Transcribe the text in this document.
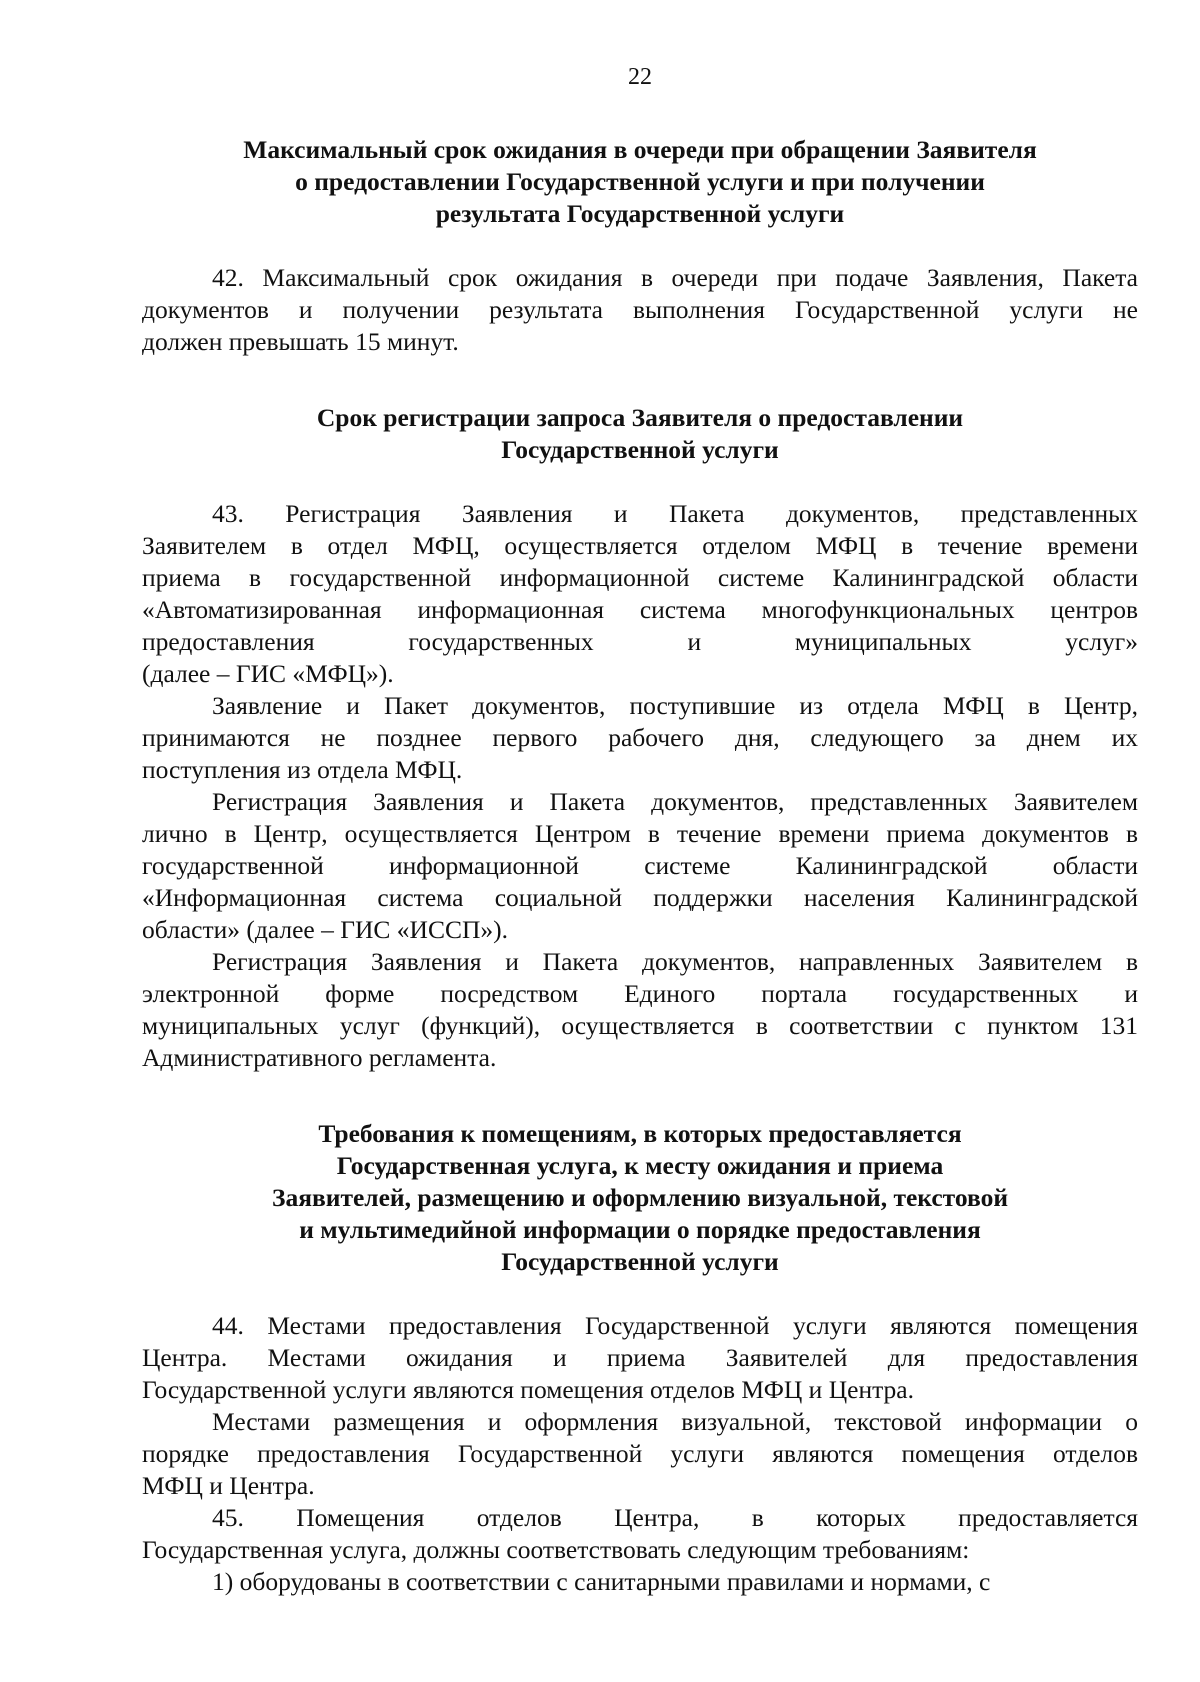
22
Максимальный срок ожидания в очереди при обращении Заявителя
о предоставлении Государственной услуги и при получении
результата Государственной услуги
42. Максимальный срок ожидания в очереди при подаче Заявления, Пакета
документов и получении результата выполнения Государственной услуги не
должен превышать 15 минут.
Срок регистрации запроса Заявителя о предоставлении
Государственной услуги
43. Регистрация Заявления и Пакета документов, представленных
Заявителем в отдел МФЦ, осуществляется отделом МФЦ в течение времени
приема в государственной информационной системе Калининградской области
«Автоматизированная информационная система многофункциональных центров
предоставления государственных и муниципальных услуг»
(далее – ГИС «МФЦ»).
Заявление и Пакет документов, поступившие из отдела МФЦ в Центр,
принимаются не позднее первого рабочего дня, следующего за днем их
поступления из отдела МФЦ.
Регистрация Заявления и Пакета документов, представленных Заявителем
лично в Центр, осуществляется Центром в течение времени приема документов в
государственной информационной системе Калининградской области
«Информационная система социальной поддержки населения Калининградской
области» (далее – ГИС «ИССП»).
Регистрация Заявления и Пакета документов, направленных Заявителем в
электронной форме посредством Единого портала государственных и
муниципальных услуг (функций), осуществляется в соответствии с пунктом 131
Административного регламента.
Требования к помещениям, в которых предоставляется
Государственная услуга, к месту ожидания и приема
Заявителей, размещению и оформлению визуальной, текстовой
и мультимедийной информации о порядке предоставления
Государственной услуги
44. Местами предоставления Государственной услуги являются помещения
Центра. Местами ожидания и приема Заявителей для предоставления
Государственной услуги являются помещения отделов МФЦ и Центра.
Местами размещения и оформления визуальной, текстовой информации о
порядке предоставления Государственной услуги являются помещения отделов
МФЦ и Центра.
45. Помещения отделов Центра, в которых предоставляется
Государственная услуга, должны соответствовать следующим требованиям:
1) оборудованы в соответствии с санитарными правилами и нормами, с
